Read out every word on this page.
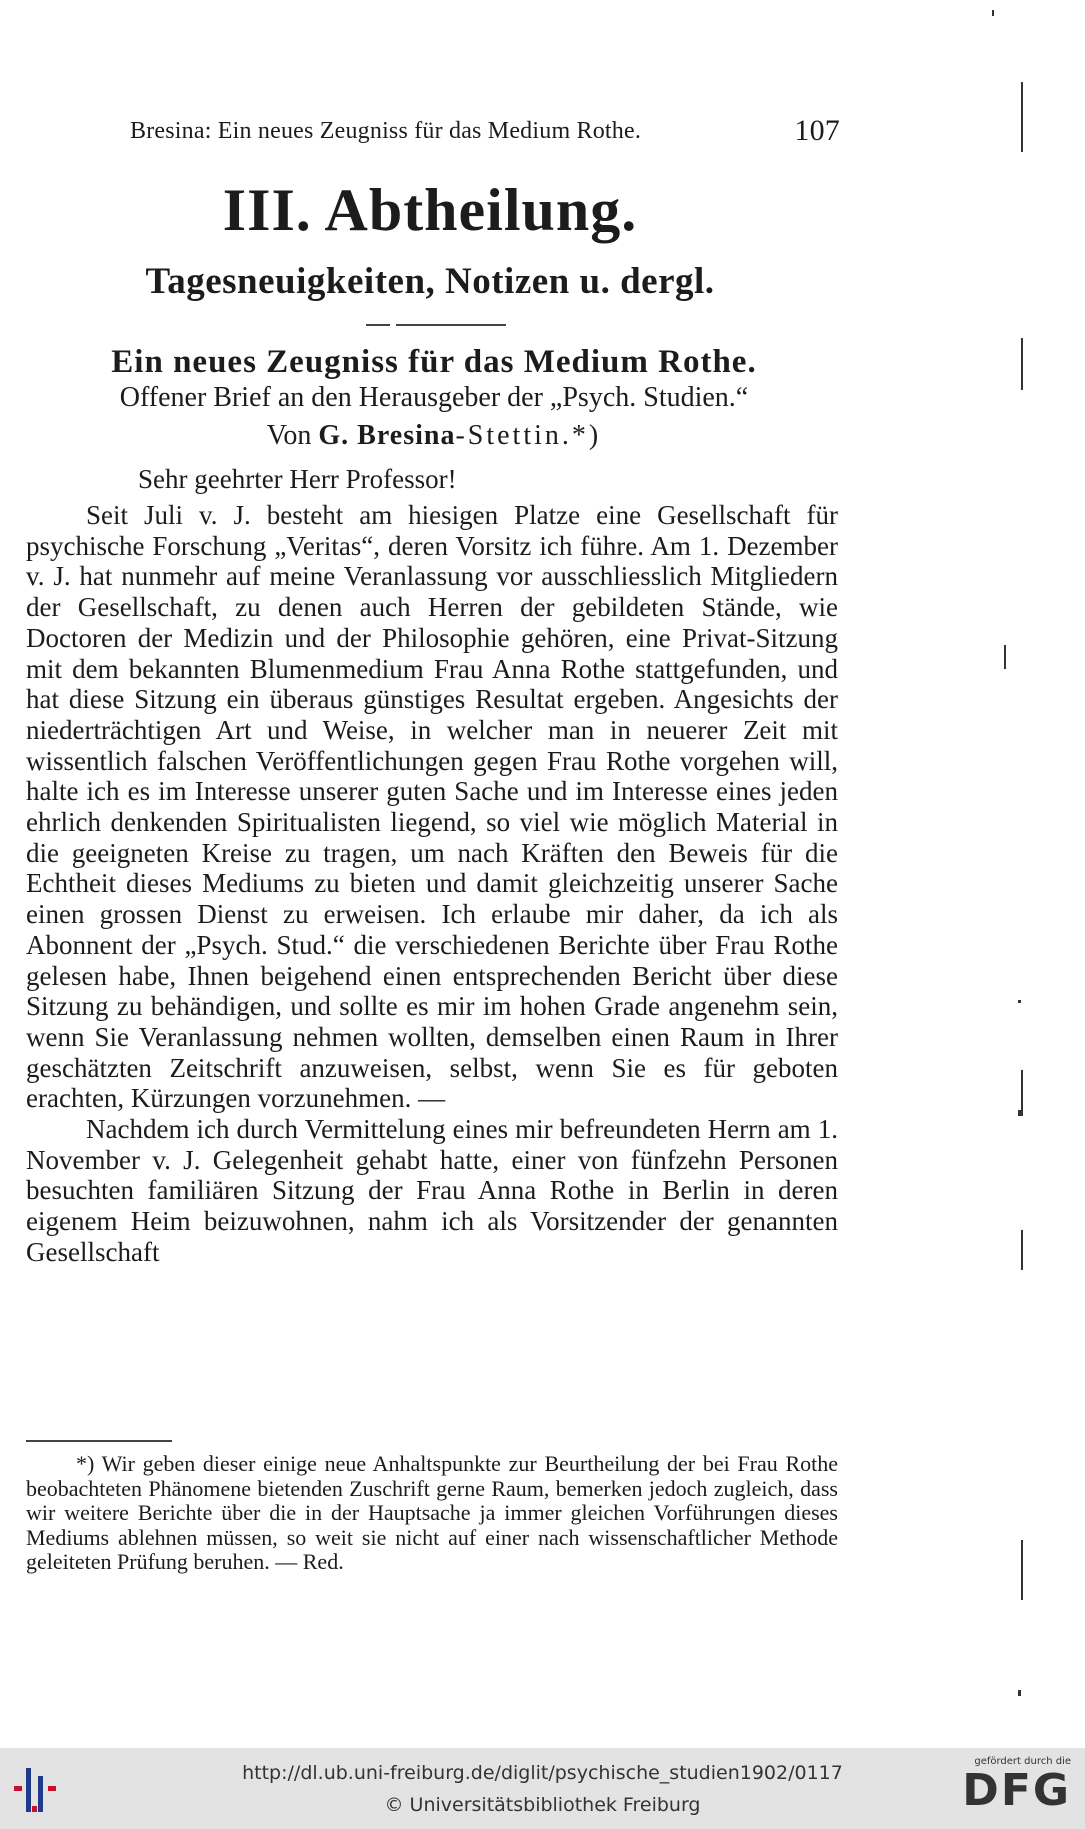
Bresina: Ein neues Zeugniss für das Medium Rothe.	107
III. Abtheilung.
Tagesneuigkeiten, Notizen u. dergl.
Ein neues Zeugniss für das Medium Rothe.
Offener Brief an den Herausgeber der „Psych. Studien.“
Von G. Bresina-Stettin.*)
Sehr geehrter Herr Professor!

Seit Juli v. J. besteht am hiesigen Platze eine Gesellschaft für psychische Forschung „Veritas“, deren Vorsitz ich führe. Am 1. Dezember v. J. hat nunmehr auf meine Veranlassung vor ausschliesslich Mitgliedern der Gesellschaft, zu denen auch Herren der gebildeten Stände, wie Doctoren der Medizin und der Philosophie gehören, eine Privat-Sitzung mit dem bekannten Blumenmedium Frau Anna Rothe stattgefunden, und hat diese Sitzung ein überaus günstiges Resultat ergeben. Angesichts der niederträchtigen Art und Weise, in welcher man in neuerer Zeit mit wissentlich falschen Veröffentlichungen gegen Frau Rothe vorgehen will, halte ich es im Interesse unserer guten Sache und im Interesse eines jeden ehrlich denkenden Spiritualisten liegend, so viel wie möglich Material in die geeigneten Kreise zu tragen, um nach Kräften den Beweis für die Echtheit dieses Mediums zu bieten und damit gleichzeitig unserer Sache einen grossen Dienst zu erweisen. Ich erlaube mir daher, da ich als Abonnent der „Psych. Stud.“ die verschiedenen Berichte über Frau Rothe gelesen habe, Ihnen beigehend einen entsprechenden Bericht über diese Sitzung zu behändigen, und sollte es mir im hohen Grade angenehm sein, wenn Sie Veranlassung nehmen wollten, demselben einen Raum in Ihrer geschätzten Zeitschrift anzuweisen, selbst, wenn Sie es für geboten erachten, Kürzungen vorzunehmen. —

Nachdem ich durch Vermittelung eines mir befreundeten Herrn am 1. November v. J. Gelegenheit gehabt hatte, einer von fünfzehn Personen besuchten familiären Sitzung der Frau Anna Rothe in Berlin in deren eigenem Heim beizuwohnen, nahm ich als Vorsitzender der genannten Gesellschaft

*) Wir geben dieser einige neue Anhaltspunkte zur Beurtheilung der bei Frau Rothe beobachteten Phänomene bietenden Zuschrift gerne Raum, bemerken jedoch zugleich, dass wir weitere Berichte über die in der Hauptsache ja immer gleichen Vorführungen dieses Mediums ablehnen müssen, so weit sie nicht auf einer nach wissenschaftlicher Methode geleiteten Prüfung beruhen. — Red.

http://dl.ub.uni-freiburg.de/diglit/psychische_studien1902/0117
© Universitätsbibliothek Freiburg
gefördert durch die
DFG
